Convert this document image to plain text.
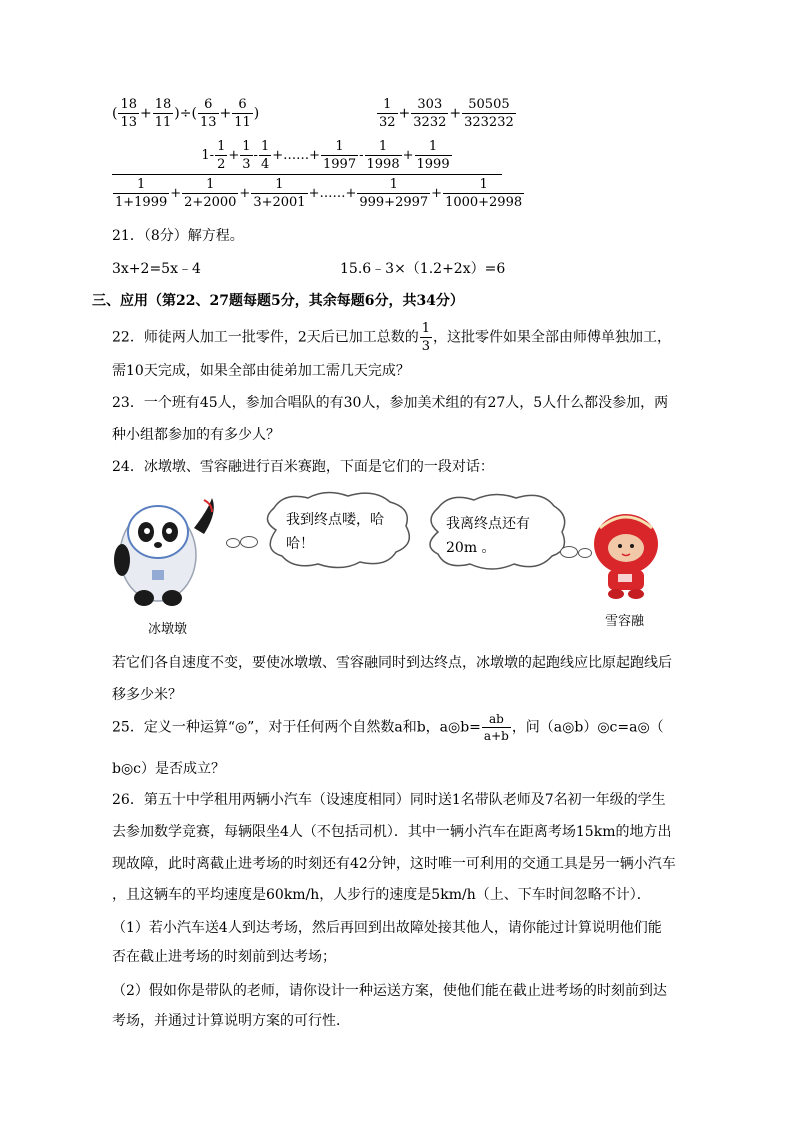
( $\frac{18}{13} + \frac{18}{11}$ )÷( $\frac{6}{13} + \frac{6}{11}$ )	$\frac{1}{32} + \frac{303}{3232} + \frac{50505}{323232}$
$1- \frac{1}{2} + \frac{1}{3} - \frac{1}{4}$ +……+ $\frac{1}{1997} - \frac{1}{1998} + \frac{1}{1999}$
$\frac{1}{1+1999} + \frac{1}{2+2000} + \frac{1}{3+2001}$ +……+ $\frac{1}{999+2997} + \frac{1}{1000+2998}$
21．（8分）解方程。
3x+2=5x﹣4	15.6﹣3×（1.2+2x）=6
三、应用（第22、27题每题5分，其余每题6分，共34分）
22．师徒两人加工一批零件，2天后已加工总数的 $\frac{1}{3}$ ，这批零件如果全部由师傅单独加工，
需10天完成，如果全部由徒弟加工需几天完成？
23．一个班有45人，参加合唱队的有30人，参加美术组的有27人，5人什么都没参加，两
种小组都参加的有多少人？
24．冰墩墩、雪容融进行百米赛跑，下面是它们的一段对话：
冰墩墩
我到终点喽，哈
哈！
我离终点还有
20m 。
雪容融
若它们各自速度不变，要使冰墩墩、雪容融同时到达终点，冰墩墩的起跑线应比原起跑线后
移多少米？
25．定义一种运算“◎”，对于任何两个自然数a和b，a◎b= $\frac{ab}{a+b}$ ，问（a◎b）◎c=a◎（
b◎c）是否成立？
26．第五十中学租用两辆小汽车（设速度相同）同时送1名带队老师及7名初一年级的学生
去参加数学竞赛，每辆限坐4人（不包括司机）．其中一辆小汽车在距离考场15km的地方出
现故障，此时离截止进考场的时刻还有42分钟，这时唯一可利用的交通工具是另一辆小汽车
，且这辆车的平均速度是60km/h，人步行的速度是5km/h（上、下车时间忽略不计）．
（1）若小汽车送4人到达考场，然后再回到出故障处接其他人，请你能过计算说明他们能
否在截止进考场的时刻前到达考场；
（2）假如你是带队的老师，请你设计一种运送方案，使他们能在截止进考场的时刻前到达
考场，并通过计算说明方案的可行性．
